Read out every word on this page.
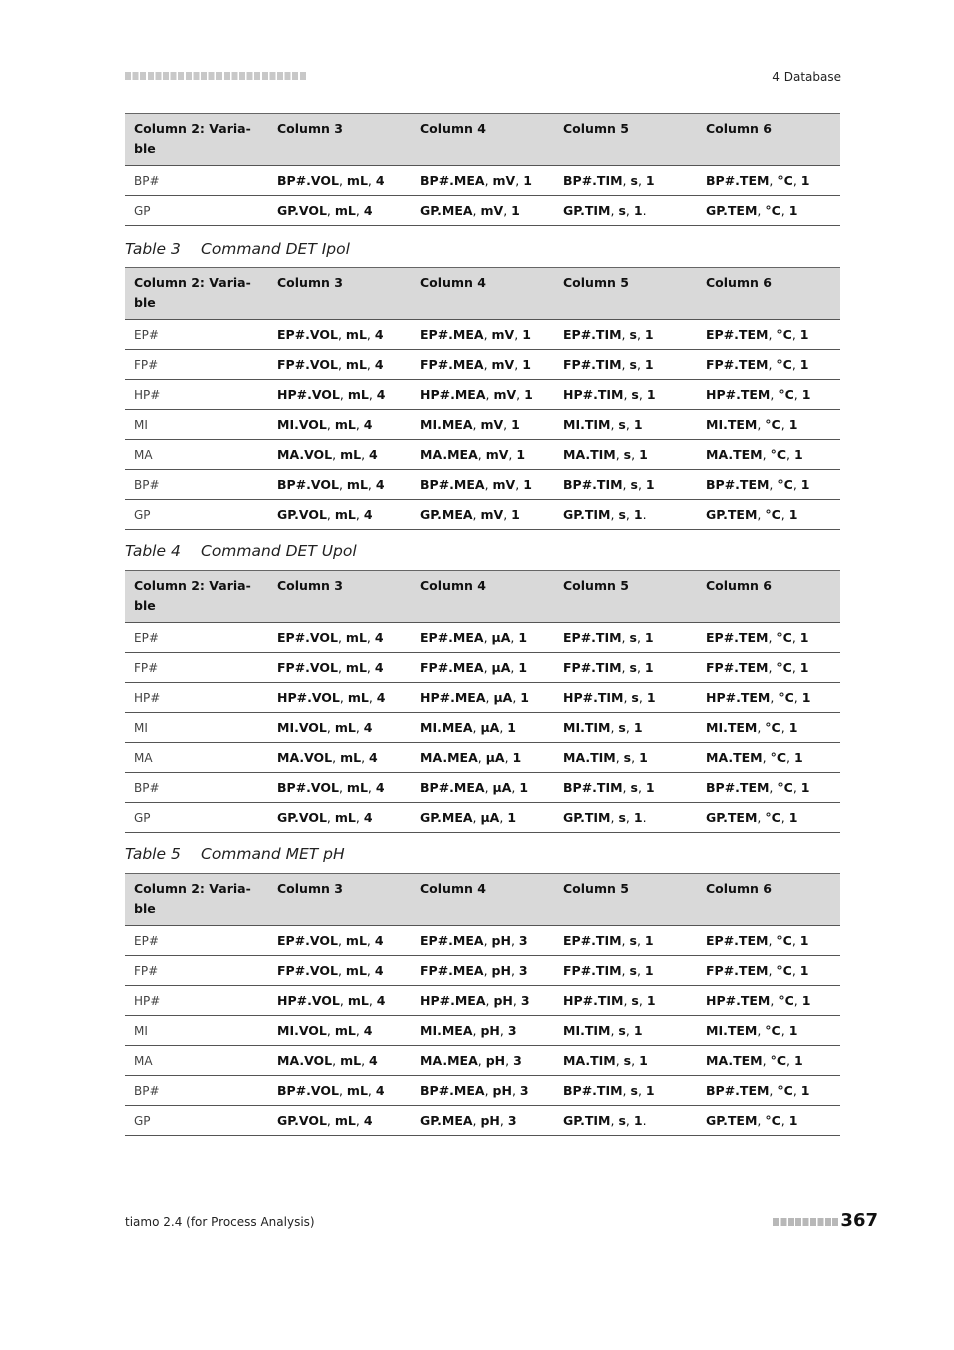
4 Database
Column 2: Varia-ble	Column 3	Column 4	Column 5	Column 6
BP#	BP#.VOL, mL, 4	BP#.MEA, mV, 1	BP#.TIM, s, 1	BP#.TEM, °C, 1
GP	GP.VOL, mL, 4	GP.MEA, mV, 1	GP.TIM, s, 1.	GP.TEM, °C, 1
Table 3 Command DET Ipol
Column 2: Varia-ble	Column 3	Column 4	Column 5	Column 6
EP#	EP#.VOL, mL, 4	EP#.MEA, mV, 1	EP#.TIM, s, 1	EP#.TEM, °C, 1
FP#	FP#.VOL, mL, 4	FP#.MEA, mV, 1	FP#.TIM, s, 1	FP#.TEM, °C, 1
HP#	HP#.VOL, mL, 4	HP#.MEA, mV, 1	HP#.TIM, s, 1	HP#.TEM, °C, 1
MI	MI.VOL, mL, 4	MI.MEA, mV, 1	MI.TIM, s, 1	MI.TEM, °C, 1
MA	MA.VOL, mL, 4	MA.MEA, mV, 1	MA.TIM, s, 1	MA.TEM, °C, 1
BP#	BP#.VOL, mL, 4	BP#.MEA, mV, 1	BP#.TIM, s, 1	BP#.TEM, °C, 1
GP	GP.VOL, mL, 4	GP.MEA, mV, 1	GP.TIM, s, 1.	GP.TEM, °C, 1
Table 4 Command DET Upol
Column 2: Varia-ble	Column 3	Column 4	Column 5	Column 6
EP#	EP#.VOL, mL, 4	EP#.MEA, µA, 1	EP#.TIM, s, 1	EP#.TEM, °C, 1
FP#	FP#.VOL, mL, 4	FP#.MEA, µA, 1	FP#.TIM, s, 1	FP#.TEM, °C, 1
HP#	HP#.VOL, mL, 4	HP#.MEA, µA, 1	HP#.TIM, s, 1	HP#.TEM, °C, 1
MI	MI.VOL, mL, 4	MI.MEA, µA, 1	MI.TIM, s, 1	MI.TEM, °C, 1
MA	MA.VOL, mL, 4	MA.MEA, µA, 1	MA.TIM, s, 1	MA.TEM, °C, 1
BP#	BP#.VOL, mL, 4	BP#.MEA, µA, 1	BP#.TIM, s, 1	BP#.TEM, °C, 1
GP	GP.VOL, mL, 4	GP.MEA, µA, 1	GP.TIM, s, 1.	GP.TEM, °C, 1
Table 5 Command MET pH
Column 2: Varia-ble	Column 3	Column 4	Column 5	Column 6
EP#	EP#.VOL, mL, 4	EP#.MEA, pH, 3	EP#.TIM, s, 1	EP#.TEM, °C, 1
FP#	FP#.VOL, mL, 4	FP#.MEA, pH, 3	FP#.TIM, s, 1	FP#.TEM, °C, 1
HP#	HP#.VOL, mL, 4	HP#.MEA, pH, 3	HP#.TIM, s, 1	HP#.TEM, °C, 1
MI	MI.VOL, mL, 4	MI.MEA, pH, 3	MI.TIM, s, 1	MI.TEM, °C, 1
MA	MA.VOL, mL, 4	MA.MEA, pH, 3	MA.TIM, s, 1	MA.TEM, °C, 1
BP#	BP#.VOL, mL, 4	BP#.MEA, pH, 3	BP#.TIM, s, 1	BP#.TEM, °C, 1
GP	GP.VOL, mL, 4	GP.MEA, pH, 3	GP.TIM, s, 1.	GP.TEM, °C, 1
tiamo 2.4 (for Process Analysis)	367
